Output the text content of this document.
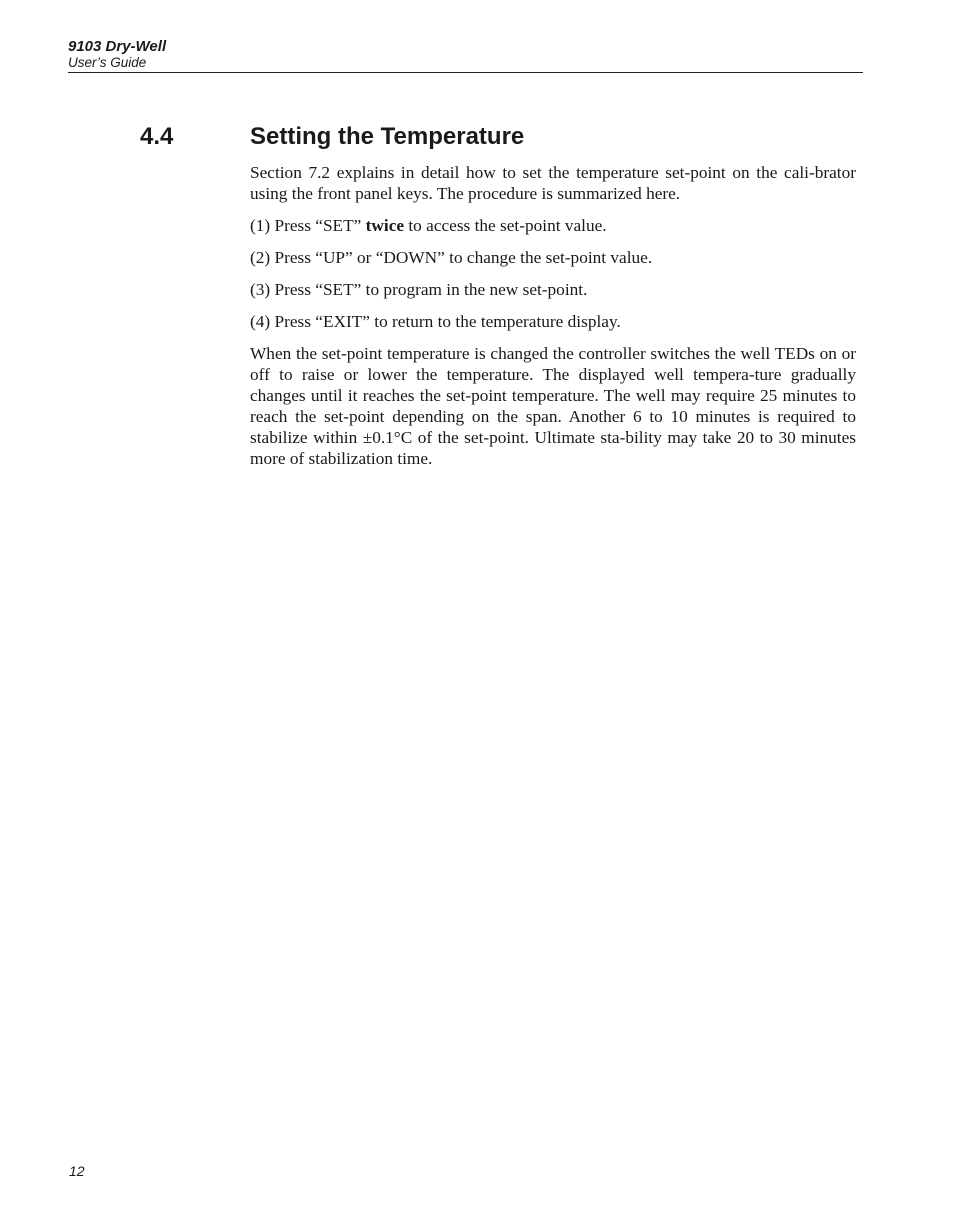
9103 Dry-Well
User’s Guide
4.4	Setting the Temperature

Section 7.2 explains in detail how to set the temperature set-point on the cali-brator using the front panel keys. The procedure is summarized here.

(1) Press “SET” twice to access the set-point value.

(2) Press “UP” or “DOWN” to change the set-point value.

(3) Press “SET” to program in the new set-point.

(4) Press “EXIT” to return to the temperature display.

When the set-point temperature is changed the controller switches the well TEDs on or off to raise or lower the temperature. The displayed well tempera-ture gradually changes until it reaches the set-point temperature. The well may require 25 minutes to reach the set-point depending on the span. Another 6 to 10 minutes is required to stabilize within ±0.1°C of the set-point. Ultimate sta-bility may take 20 to 30 minutes more of stabilization time.

12
